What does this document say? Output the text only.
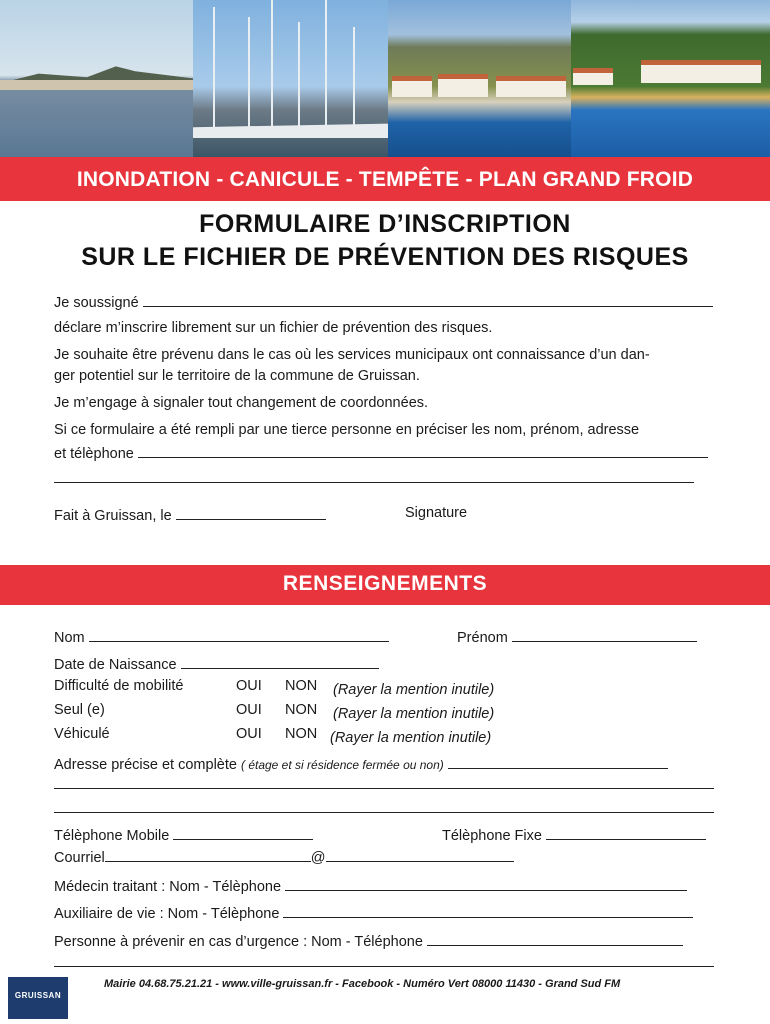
INONDATION - CANICULE - TEMPÊTE - PLAN GRAND FROID
FORMULAIRE D’INSCRIPTION
SUR LE FICHIER DE PRÉVENTION DES RISQUES
Je soussigné
déclare m’inscrire librement sur un fichier de prévention des risques.
Je souhaite être prévenu dans le cas où les services municipaux ont connaissance d’un dan-
ger potentiel sur le territoire de la commune de Gruissan.
Je m’engage à signaler tout changement de coordonnées.
Si ce formulaire a été rempli par une tierce personne en préciser les nom, prénom, adresse
et télèphone
Fait à Gruissan, le	Signature
RENSEIGNEMENTS
Nom	Prénom
Date de Naissance
Difficulté de mobilité	OUI NON (Rayer la mention inutile)
Seul (e)	OUI NON (Rayer la mention inutile)
Véhiculé	OUI NON (Rayer la mention inutile)
Adresse précise et complète ( étage et si résidence fermée ou non)
Télèphone Mobile	Télèphone Fixe
Courriel	@
Médecin traitant : Nom - Télèphone
Auxiliaire de vie : Nom - Télèphone
Personne à prévenir en cas d’urgence : Nom - Téléphone
GRUISSAN
Mairie 04.68.75.21.21 - www.ville-gruissan.fr - Facebook - Numéro Vert 08000 11430 - Grand Sud FM
